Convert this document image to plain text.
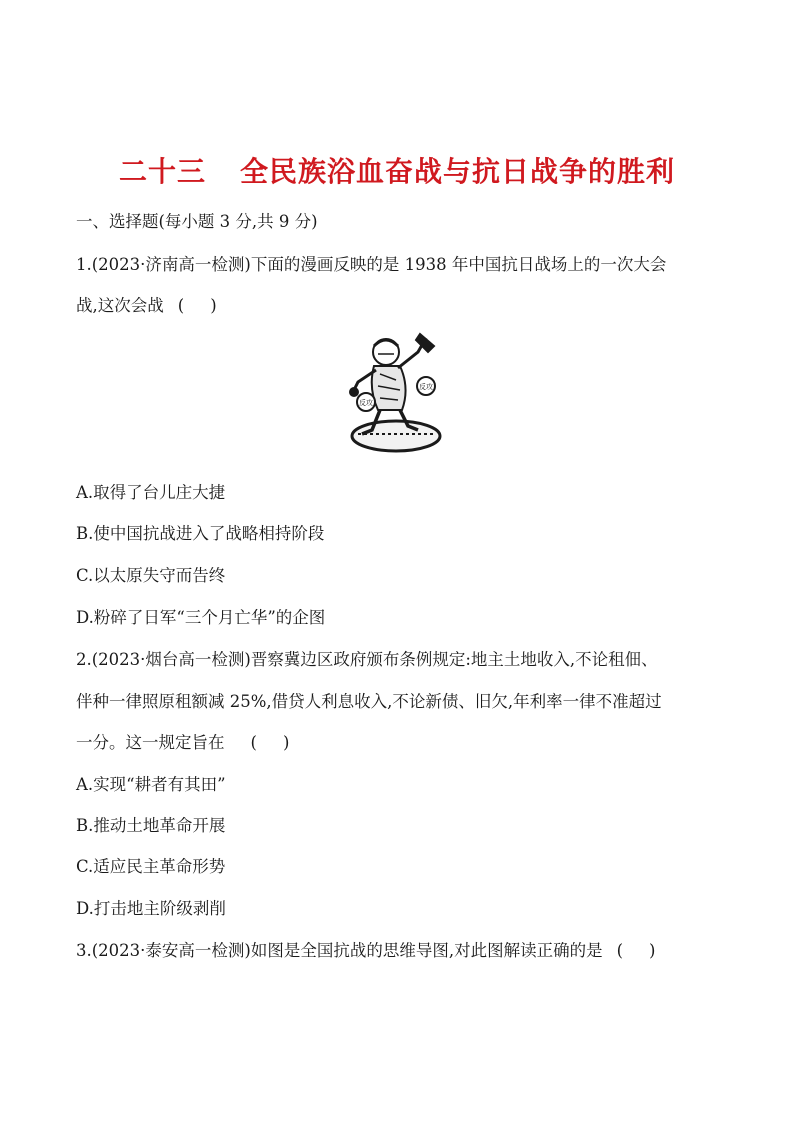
二十三 全民族浴血奋战与抗日战争的胜利
一、选择题(每小题 3 分,共 9 分)
1.(2023·济南高一检测)下面的漫画反映的是 1938 年中国抗日战场上的一次大会
战,这次会战 ( )
反攻
反攻
A.取得了台儿庄大捷
B.使中国抗战进入了战略相持阶段
C.以太原失守而告终
D.粉碎了日军“三个月亡华”的企图
2.(2023·烟台高一检测)晋察冀边区政府颁布条例规定:地主土地收入,不论租佃、
伴种一律照原租额减 25%,借贷人利息收入,不论新债、旧欠,年利率一律不准超过
一分。这一规定旨在 ( )
A.实现“耕者有其田”
B.推动土地革命开展
C.适应民主革命形势
D.打击地主阶级剥削
3.(2023·泰安高一检测)如图是全国抗战的思维导图,对此图解读正确的是 ( )
